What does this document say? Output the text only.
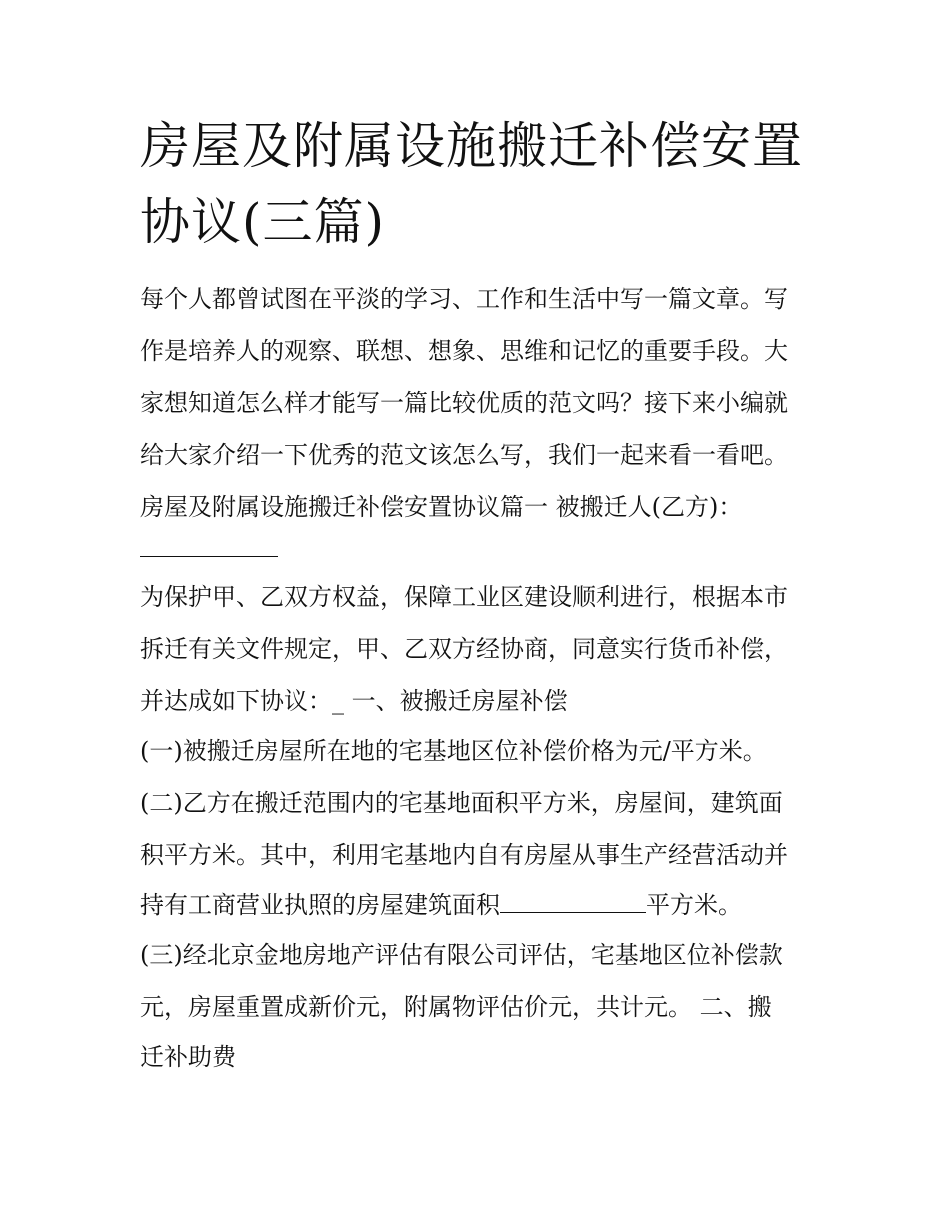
房屋及附属设施搬迁补偿安置
协议(三篇)

每个人都曾试图在平淡的学习、工作和生活中写一篇文章。写

作是培养人的观察、联想、想象、思维和记忆的重要手段。大

家想知道怎么样才能写一篇比较优质的范文吗？接下来小编就

给大家介绍一下优秀的范文该怎么写，我们一起来看一看吧。

房屋及附属设施搬迁补偿安置协议篇一 被搬迁人(乙方)：

为保护甲、乙双方权益，保障工业区建设顺利进行，根据本市

拆迁有关文件规定，甲、乙双方经协商，同意实行货币补偿，

并达成如下协议：_ 一、被搬迁房屋补偿

(一)被搬迁房屋所在地的宅基地区位补偿价格为元/平方米。

(二)乙方在搬迁范围内的宅基地面积平方米，房屋间，建筑面

积平方米。其中，利用宅基地内自有房屋从事生产经营活动并

持有工商营业执照的房屋建筑面积	平方米。

(三)经北京金地房地产评估有限公司评估，宅基地区位补偿款

元，房屋重置成新价元，附属物评估价元，共计元。 二、搬

迁补助费
